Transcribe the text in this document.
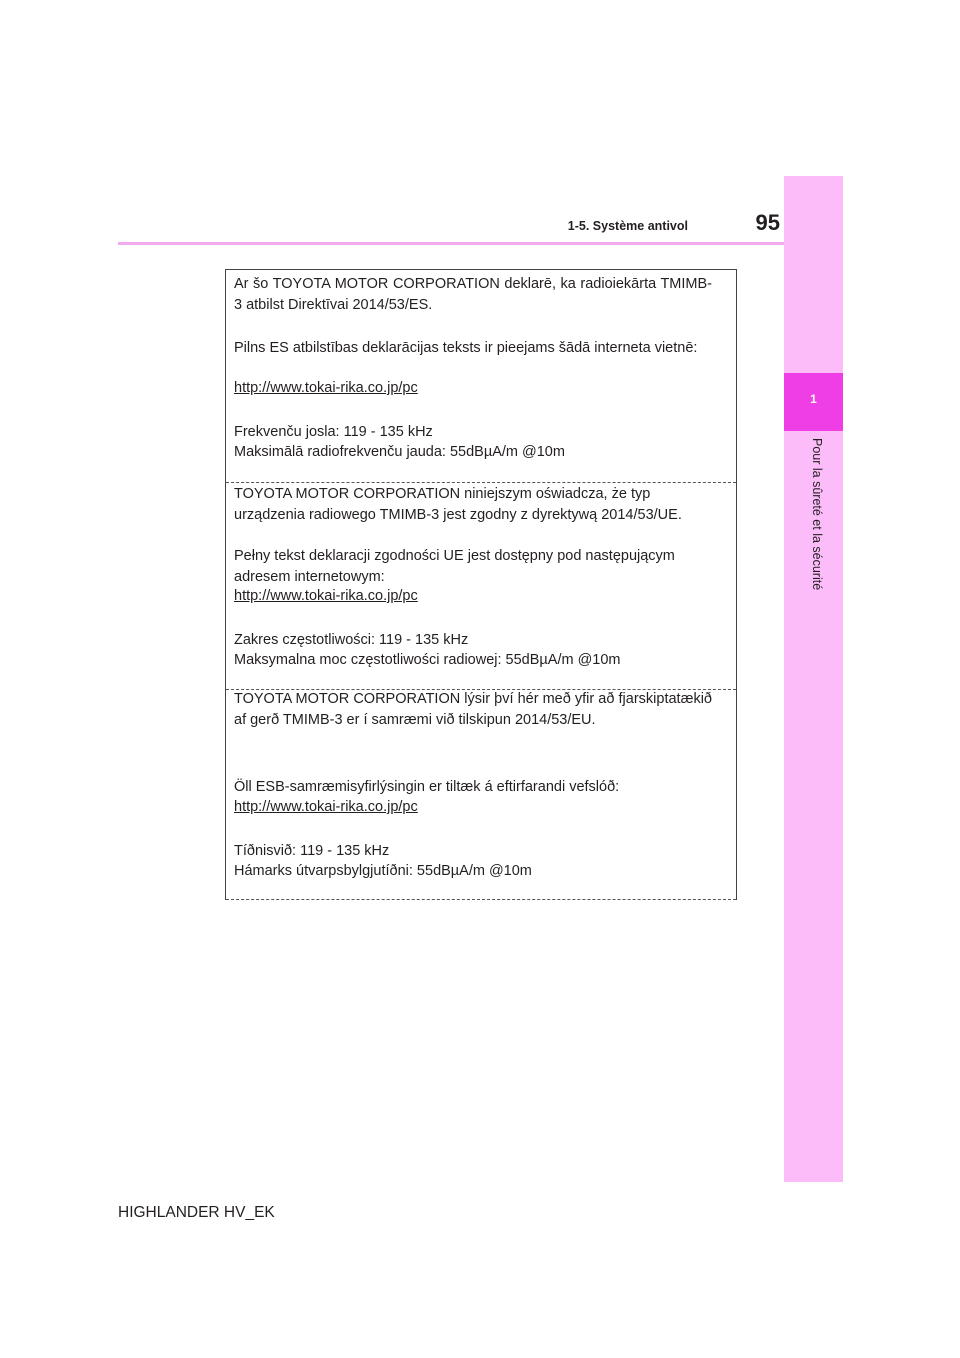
1
Pour la sûreté et la sécurité
1-5. Système antivol	95
Ar šo TOYOTA MOTOR CORPORATION deklarē, ka radioiekārta TMIMB-3 atbilst Direktīvai 2014/53/ES.
Pilns ES atbilstības deklarācijas teksts ir pieejams šādā interneta vietnē:
http://www.tokai-rika.co.jp/pc
Frekvenču josla: 119 - 135 kHz
Maksimālā radiofrekvenču jauda: 55dBµA/m @10m
TOYOTA MOTOR CORPORATION niniejszym oświadcza, że typ urządzenia radiowego TMIMB-3 jest zgodny z dyrektywą 2014/53/UE.
Pełny tekst deklaracji zgodności UE jest dostępny pod następującym adresem internetowym:
http://www.tokai-rika.co.jp/pc
Zakres częstotliwości: 119 - 135 kHz
Maksymalna moc częstotliwości radiowej: 55dBµA/m @10m
TOYOTA MOTOR CORPORATION lýsir því hér með yfir að fjarskiptatækið af gerð TMIMB-3 er í samræmi við tilskipun 2014/53/EU.
Öll ESB-samræmisyfirlýsingin er tiltæk á eftirfarandi vefslóð:
http://www.tokai-rika.co.jp/pc
Tíðnisvið: 119 - 135 kHz
Hámarks útvarpsbylgjutíðni: 55dBµA/m @10m
HIGHLANDER HV_EK
